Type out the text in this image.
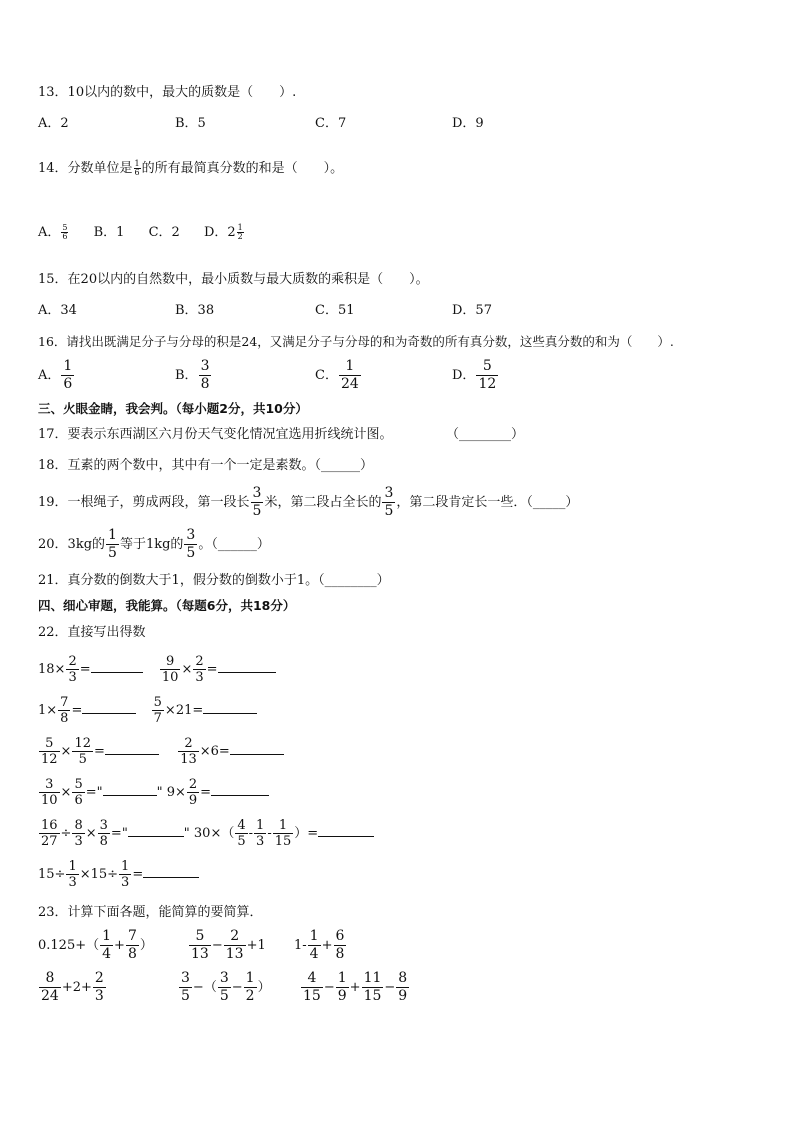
13．10以内的数中，最大的质数是（　　）.
A．2	B．5	C．7	D．9
14．分数单位是 $\frac{1}{6}$ 的所有最简真分数的和是（　　）。
A． $\frac{5}{6}$ B．1 C．2 D．$2 \frac{1}{2}$
15．在20以内的自然数中，最小质数与最大质数的乘积是（　　）。
A．34	B．38	C．51	D．57
16．请找出既满足分子与分母的积是24，又满足分子与分母的和为奇数的所有真分数，这些真分数的和为（　　）.
A． $\frac{1}{6}$	B． $\frac{3}{8}$	C． $\frac{1}{24}$	D． $\frac{5}{12}$
三、火眼金睛，我会判。（每小题2分，共10分）
17．要表示东西湖区六月份天气变化情况宜选用折线统计图。	（________）
18．互素的两个数中，其中有一个一定是素数。（______）
19．一根绳子，剪成两段，第一段长 $\frac{3}{5}$ 米，第二段占全长的 $\frac{3}{5}$ ，第二段肯定长一些．（_____）
20．3kg的 $\frac{1}{5}$ 等于1kg的 $\frac{3}{5}$ 。（______）
21．真分数的倒数大于1，假分数的倒数小于1。（________）
四、细心审题，我能算。（每题6分，共18分）
22．直接写出得数
$18\times \frac{2}{3}$ =	$\frac{9}{10} \times \frac{2}{3}$ =
$1\times \frac{7}{8}$ =	$\frac{5}{7} \times 21=$
$\frac{5}{12} \times \frac{12}{5}$ =	$\frac{2}{13} \times 6=$
$\frac{3}{10} \times \frac{5}{6}$ ="	" $9\times \frac{2}{9}$ =
$\frac{16}{27} \div \frac{8}{3} \times \frac{3}{8}$ ="	" $30\times( \frac{4}{5} - \frac{1}{3} - \frac{1}{15}$ ）=
$15\div \frac{1}{3} \times 15\div \frac{1}{3}$ =
23．计算下面各题，能简算的要简算．
$0.125+( \frac{1}{4} + \frac{7}{8}$ ）	$\frac{5}{13} - \frac{2}{13} +1$ $1- \frac{1}{4} + \frac{6}{8}$
$\frac{8}{24} +2+ \frac{2}{3}$	$\frac{3}{5}$ −（ $\frac{3}{5} - \frac{1}{2}$ ） $\frac{4}{15} - \frac{1}{9} + \frac{11}{15} - \frac{8}{9}$
